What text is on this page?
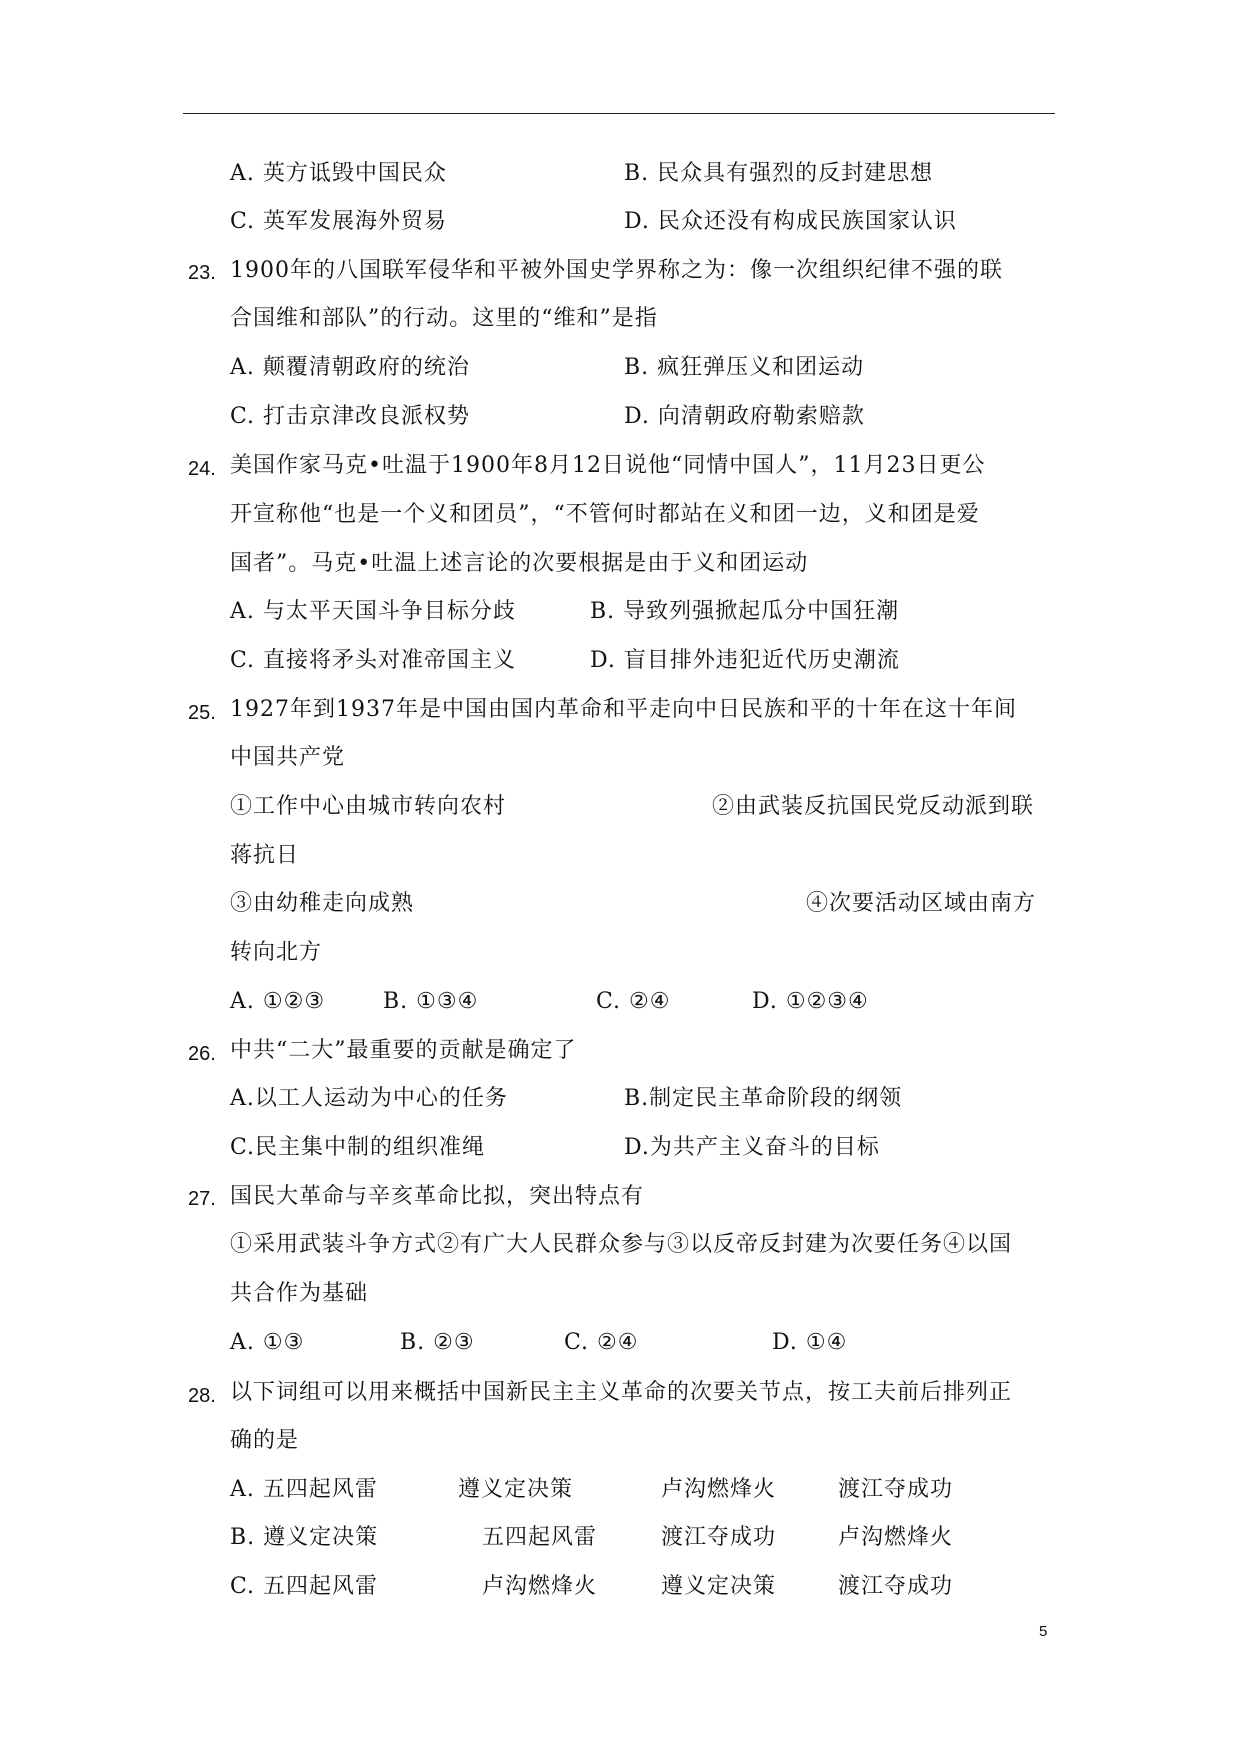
A. 英方诋毁中国民众	B. 民众具有强烈的反封建思想
C. 英军发展海外贸易	D. 民众还没有构成民族国家认识
23. 1900年的八国联军侵华和平被外国史学界称之为：像一次组织纪律不强的联
合国维和部队”的行动。这里的“维和”是指
A. 颠覆清朝政府的统治	B. 疯狂弹压义和团运动
C. 打击京津改良派权势	D. 向清朝政府勒索赔款
24. 美国作家马克•吐温于1900年8月12日说他“同情中国人”，11月23日更公
开宣称他“也是一个义和团员”，“不管何时都站在义和团一边，义和团是爱
国者”。马克•吐温上述言论的次要根据是由于义和团运动
A. 与太平天国斗争目标分歧	B. 导致列强掀起瓜分中国狂潮
C. 直接将矛头对准帝国主义	D. 盲目排外违犯近代历史潮流
25. 1927年到1937年是中国由国内革命和平走向中日民族和平的十年在这十年间
中国共产党
①工作中心由城市转向农村	②由武装反抗国民党反动派到联
蒋抗日
③由幼稚走向成熟	④次要活动区域由南方
转向北方
A. ①②③	B. ①③④	C. ②④	D. ①②③④
26. 中共“二大”最重要的贡献是确定了
A.以工人运动为中心的任务	B.制定民主革命阶段的纲领
C.民主集中制的组织准绳	D.为共产主义奋斗的目标
27. 国民大革命与辛亥革命比拟，突出特点有
①采用武装斗争方式②有广大人民群众参与③以反帝反封建为次要任务④以国
共合作为基础
A. ①③	B. ②③	C. ②④	D. ①④
28. 以下词组可以用来概括中国新民主主义革命的次要关节点，按工夫前后排列正
确的是
A. 五四起风雷	遵义定决策	卢沟燃烽火	渡江夺成功
B. 遵义定决策	五四起风雷	渡江夺成功	卢沟燃烽火
C. 五四起风雷	卢沟燃烽火	遵义定决策	渡江夺成功
5
